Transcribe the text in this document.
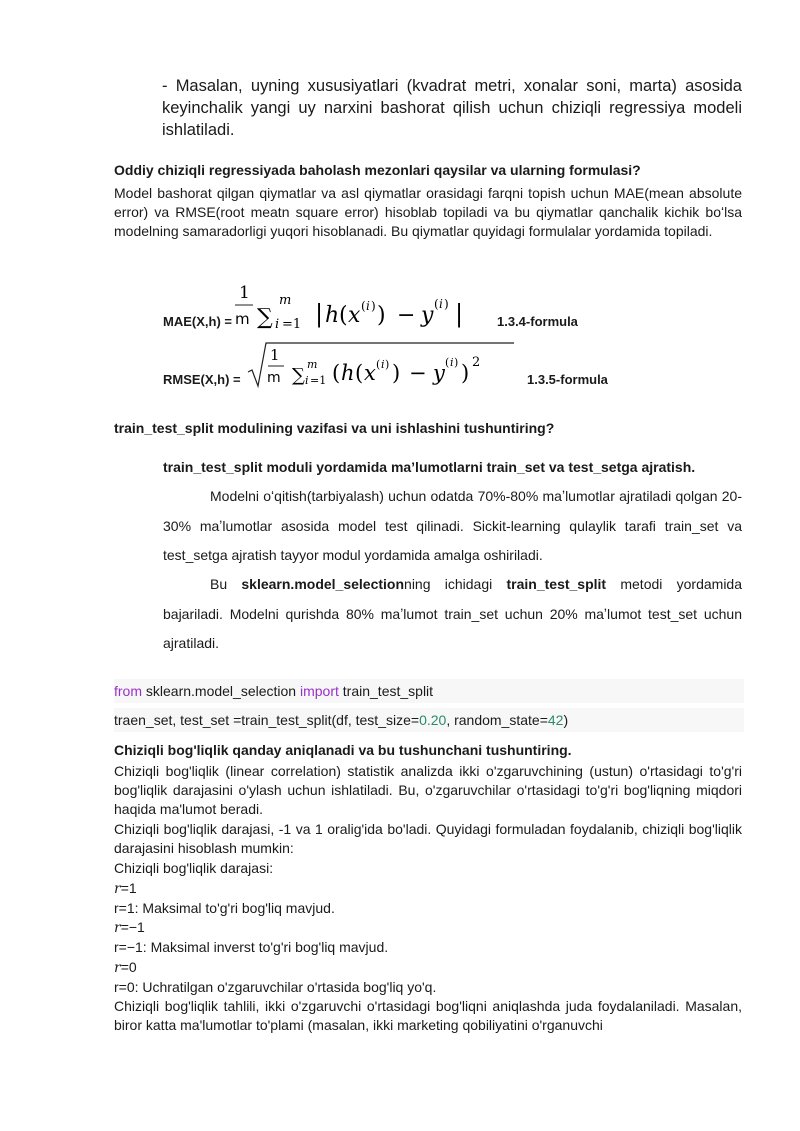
- Masalan, uyning xususiyatlari (kvadrat metri, xonalar soni, marta) asosida keyinchalik yangi uy narxini bashorat qilish uchun chiziqli regressiya modeli ishlatiladi.

Oddiy chiziqli regressiyada baholash mezonlari qaysilar va ularning formulasi?

Model bashorat qilgan qiymatlar va asl qiymatlar orasidagi farqni topish uchun MAE(mean absolute error) va RMSE(root meatn square error) hisoblab topiladi va bu qiymatlar qanchalik kichik boʻlsa modelning samaradorligi yuqori hisoblanadi. Bu qiymatlar quyidagi formulalar yordamida topiladi.

MAE(X,h) =
1
m ∑
m
i =1 | h ( x ( i ) ) − y ( i ) |	1.3.4-formula
RMSE(X,h) =
1
m ∑
m
i =1 ( h ( x ( i ) ) − y ( i ) ) 2
1.3.5-formula

train_test_split modulining vazifasi va uni ishlashini tushuntiring?

train_test_split moduli yordamida ma’lumotlarni train_set va test_setga ajratish.

Modelni oʻqitish(tarbiyalash) uchun odatda 70%-80% maʼlumotlar ajratiladi qolgan 20-30% maʼlumotlar asosida model test qilinadi. Sickit-learning qulaylik tarafi train_set va test_setga ajratish tayyor modul yordamida amalga oshiriladi.

Bu sklearn.model_selectionning ichidagi train_test_split metodi yordamida bajariladi. Modelni qurishda 80% maʼlumot train_set uchun 20% maʼlumot test_set uchun ajratiladi.

from sklearn.model_selection import train_test_split
traen_set, test_set =train_test_split(df, test_size=0.20, random_state=42)

Chiziqli bog'liqlik qanday aniqlanadi va bu tushunchani tushuntiring.

Chiziqli bog'liqlik (linear correlation) statistik analizda ikki o'zgaruvchining (ustun) o'rtasidagi to'g'ri bog'liqlik darajasini o'ylash uchun ishlatiladi. Bu, o'zgaruvchilar o'rtasidagi to'g'ri bog'liqning miqdori haqida ma'lumot beradi.

Chiziqli bog'liqlik darajasi, -1 va 1 oralig'ida bo'ladi. Quyidagi formuladan foydalanib, chiziqli bog'liqlik darajasini hisoblash mumkin:

Chiziqli bog'liqlik darajasi:

r=1

r=1: Maksimal to'g'ri bog'liq mavjud.

r=−1

r=−1: Maksimal inverst to'g'ri bog'liq mavjud.

r=0

r=0: Uchratilgan o'zgaruvchilar o'rtasida bog'liq yo'q.

Chiziqli bog'liqlik tahlili, ikki o'zgaruvchi o'rtasidagi bog'liqni aniqlashda juda foydalaniladi. Masalan, biror katta ma'lumotlar to'plami (masalan, ikki marketing qobiliyatini o'rganuvchi
